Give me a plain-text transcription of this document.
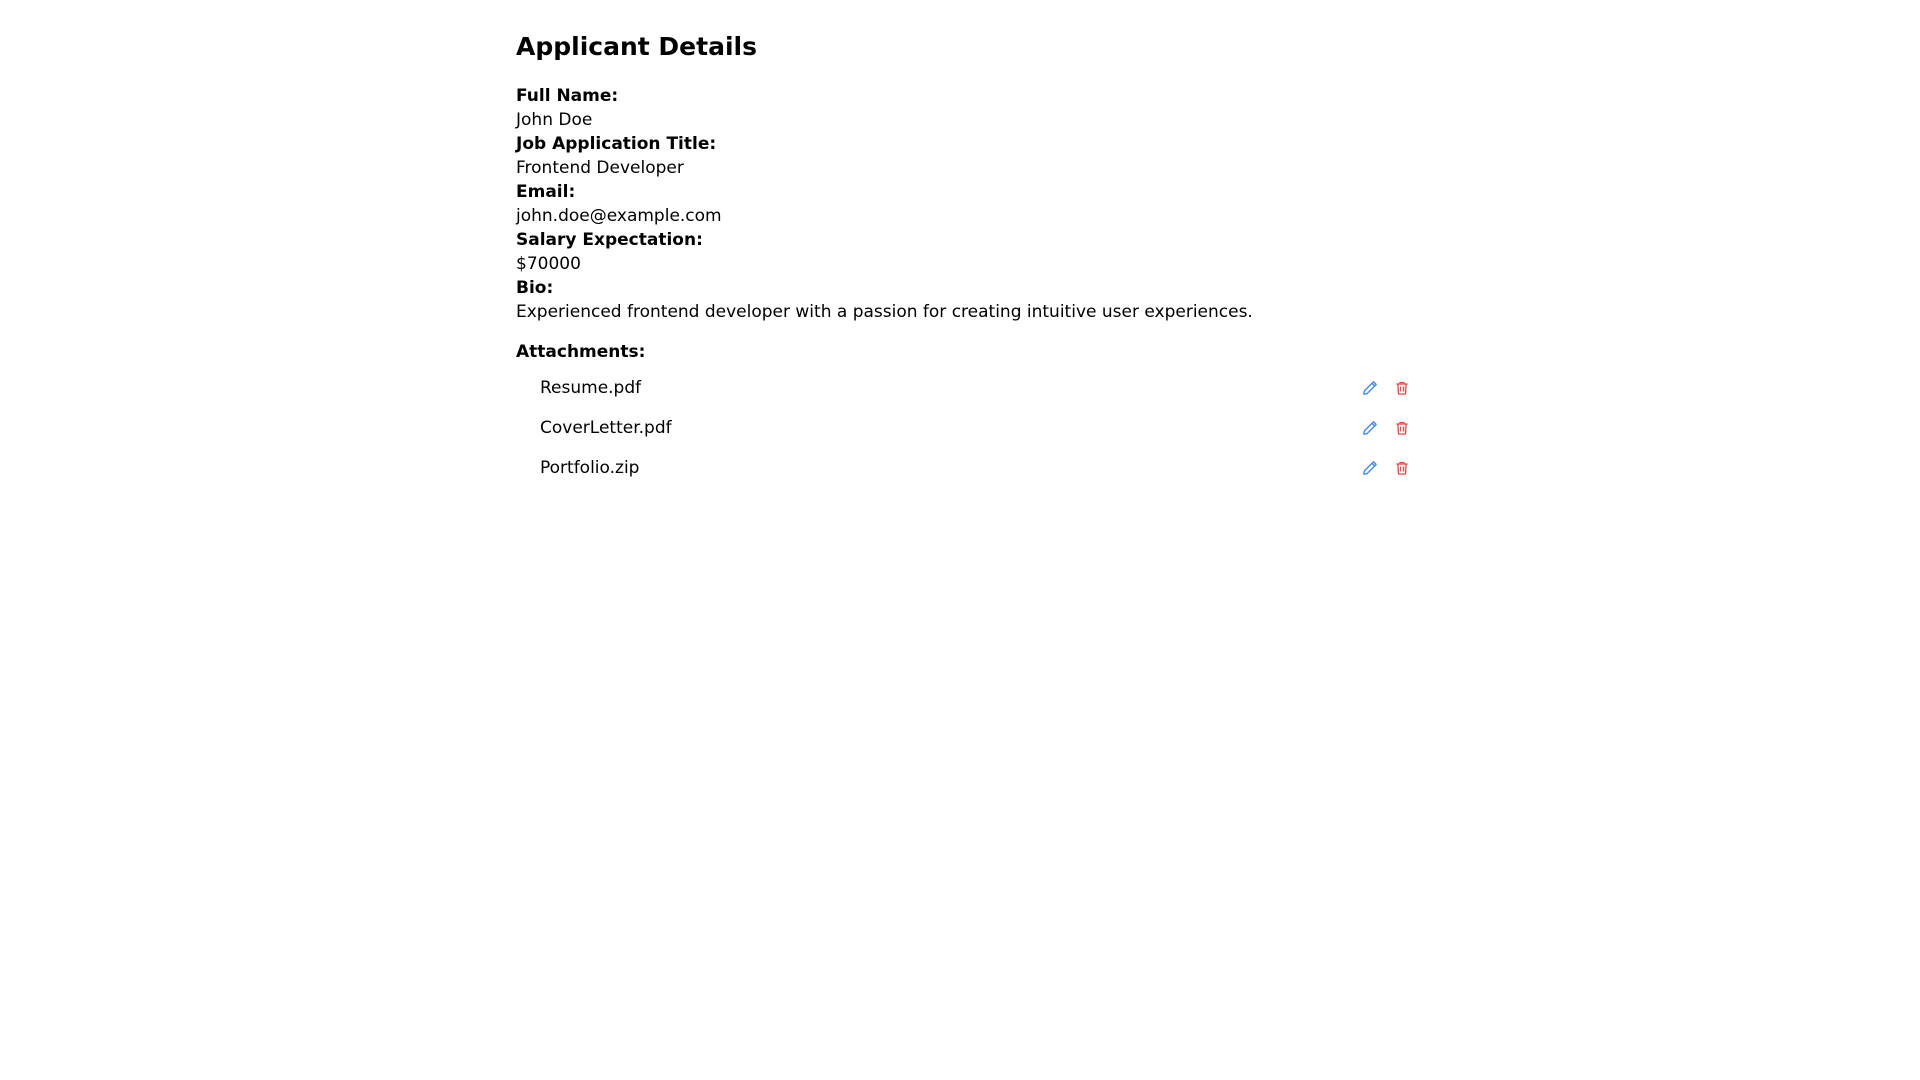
Applicant Details
Full Name:
John Doe
Job Application Title:
Frontend Developer
Email:
john.doe@example.com
Salary Expectation:
$70000
Bio:
Experienced frontend developer with a passion for creating intuitive user experiences.
Attachments:
Resume.pdf
CoverLetter.pdf
Portfolio.zip
